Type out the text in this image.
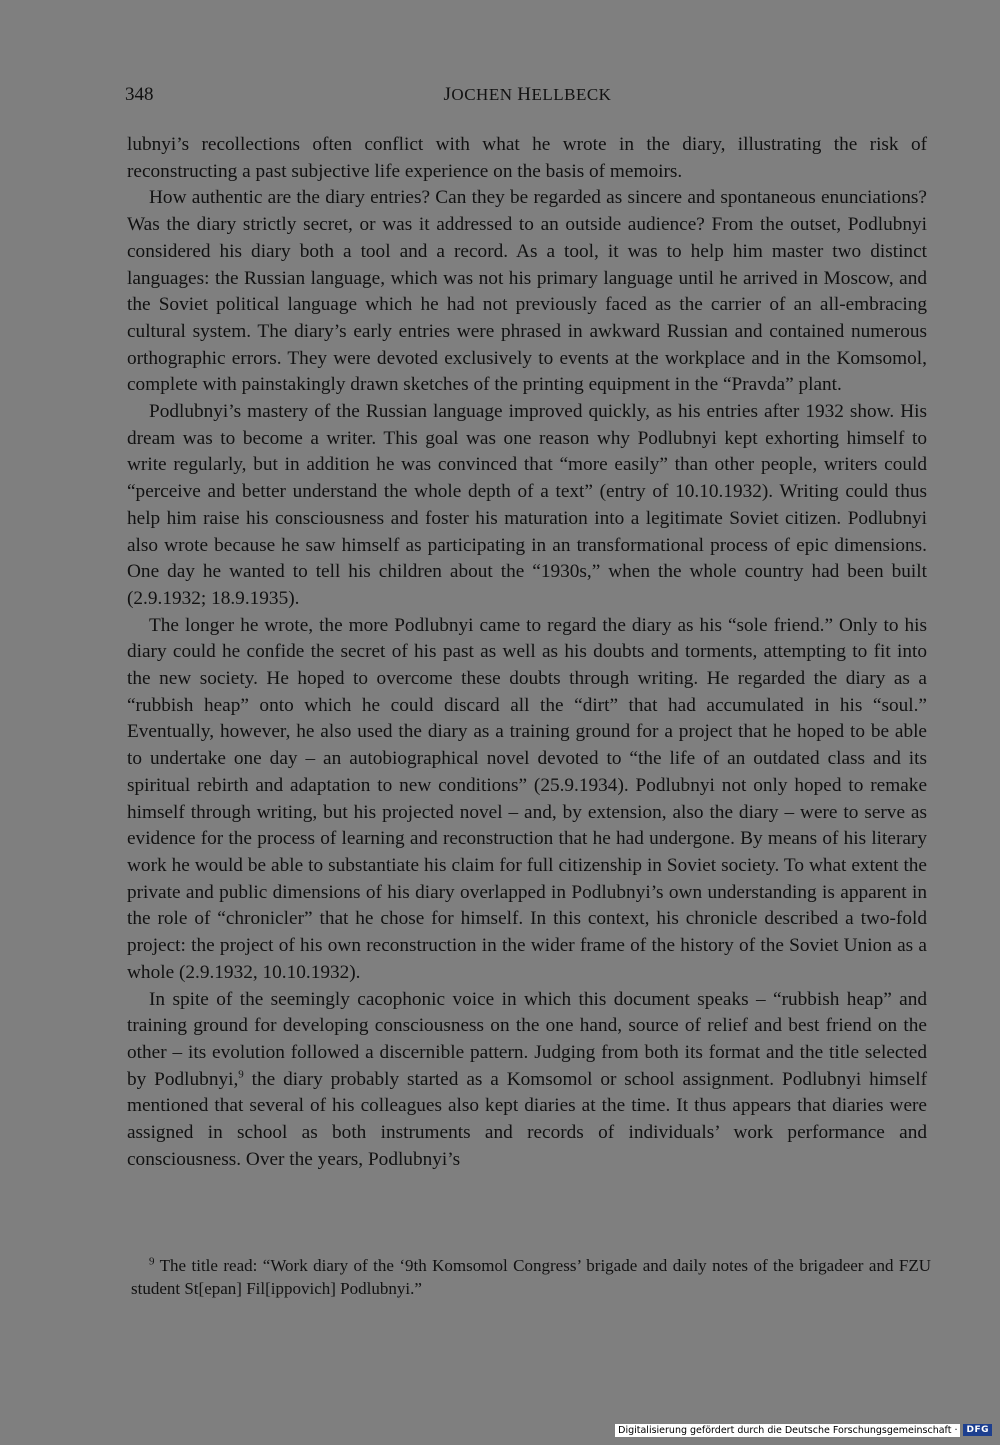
348	JOCHEN HELLBECK

lubnyi’s recollections often conflict with what he wrote in the diary, illustrating the risk of reconstructing a past subjective life experience on the basis of memoirs.

How authentic are the diary entries? Can they be regarded as sincere and spontaneous enunciations? Was the diary strictly secret, or was it addressed to an outside audience? From the outset, Podlubnyi considered his diary both a tool and a record. As a tool, it was to help him master two distinct languages: the Russian language, which was not his primary language until he arrived in Moscow, and the Soviet political language which he had not previously faced as the carrier of an all-embracing cultural system. The diary’s early entries were phrased in awkward Russian and contained numerous orthographic errors. They were devoted exclusively to events at the workplace and in the Komsomol, complete with painstakingly drawn sketches of the printing equipment in the “Pravda” plant.

Podlubnyi’s mastery of the Russian language improved quickly, as his entries after 1932 show. His dream was to become a writer. This goal was one reason why Podlubnyi kept exhorting himself to write regularly, but in addition he was convinced that “more easily” than other people, writers could “perceive and better understand the whole depth of a text” (entry of 10.10.1932). Writing could thus help him raise his consciousness and foster his maturation into a legitimate Soviet citizen. Podlubnyi also wrote because he saw himself as participating in an transformational process of epic dimensions. One day he wanted to tell his children about the “1930s,” when the whole country had been built (2.9.1932; 18.9.1935).

The longer he wrote, the more Podlubnyi came to regard the diary as his “sole friend.” Only to his diary could he confide the secret of his past as well as his doubts and torments, attempting to fit into the new society. He hoped to overcome these doubts through writing. He regarded the diary as a “rubbish heap” onto which he could discard all the “dirt” that had accumulated in his “soul.” Eventually, however, he also used the diary as a training ground for a project that he hoped to be able to undertake one day – an autobiographical novel devoted to “the life of an outdated class and its spiritual rebirth and adaptation to new conditions” (25.9.1934). Podlubnyi not only hoped to remake himself through writing, but his projected novel – and, by extension, also the diary – were to serve as evidence for the process of learning and reconstruction that he had undergone. By means of his literary work he would be able to substantiate his claim for full citizenship in Soviet society. To what extent the private and public dimensions of his diary overlapped in Podlubnyi’s own understanding is apparent in the role of “chronicler” that he chose for himself. In this context, his chronicle described a two-fold project: the project of his own reconstruction in the wider frame of the history of the Soviet Union as a whole (2.9.1932, 10.10.1932).

In spite of the seemingly cacophonic voice in which this document speaks – “rubbish heap” and training ground for developing consciousness on the one hand, source of relief and best friend on the other – its evolution followed a discernible pattern. Judging from both its format and the title selected by Podlubnyi,$^9$ the diary probably started as a Komsomol or school assignment. Podlubnyi himself mentioned that several of his colleagues also kept diaries at the time. It thus appears that diaries were assigned in school as both instruments and records of individuals’ work performance and consciousness. Over the years, Podlubnyi’s

$^9$ The title read: “Work diary of the ‘9th Komsomol Congress’ brigade and daily notes of the brigadeer and FZU student St[epan] Fil[ippovich] Podlubnyi.”
Digitalisierung gefördert durch die Deutsche Forschungsgemeinschaft ·	DFG
